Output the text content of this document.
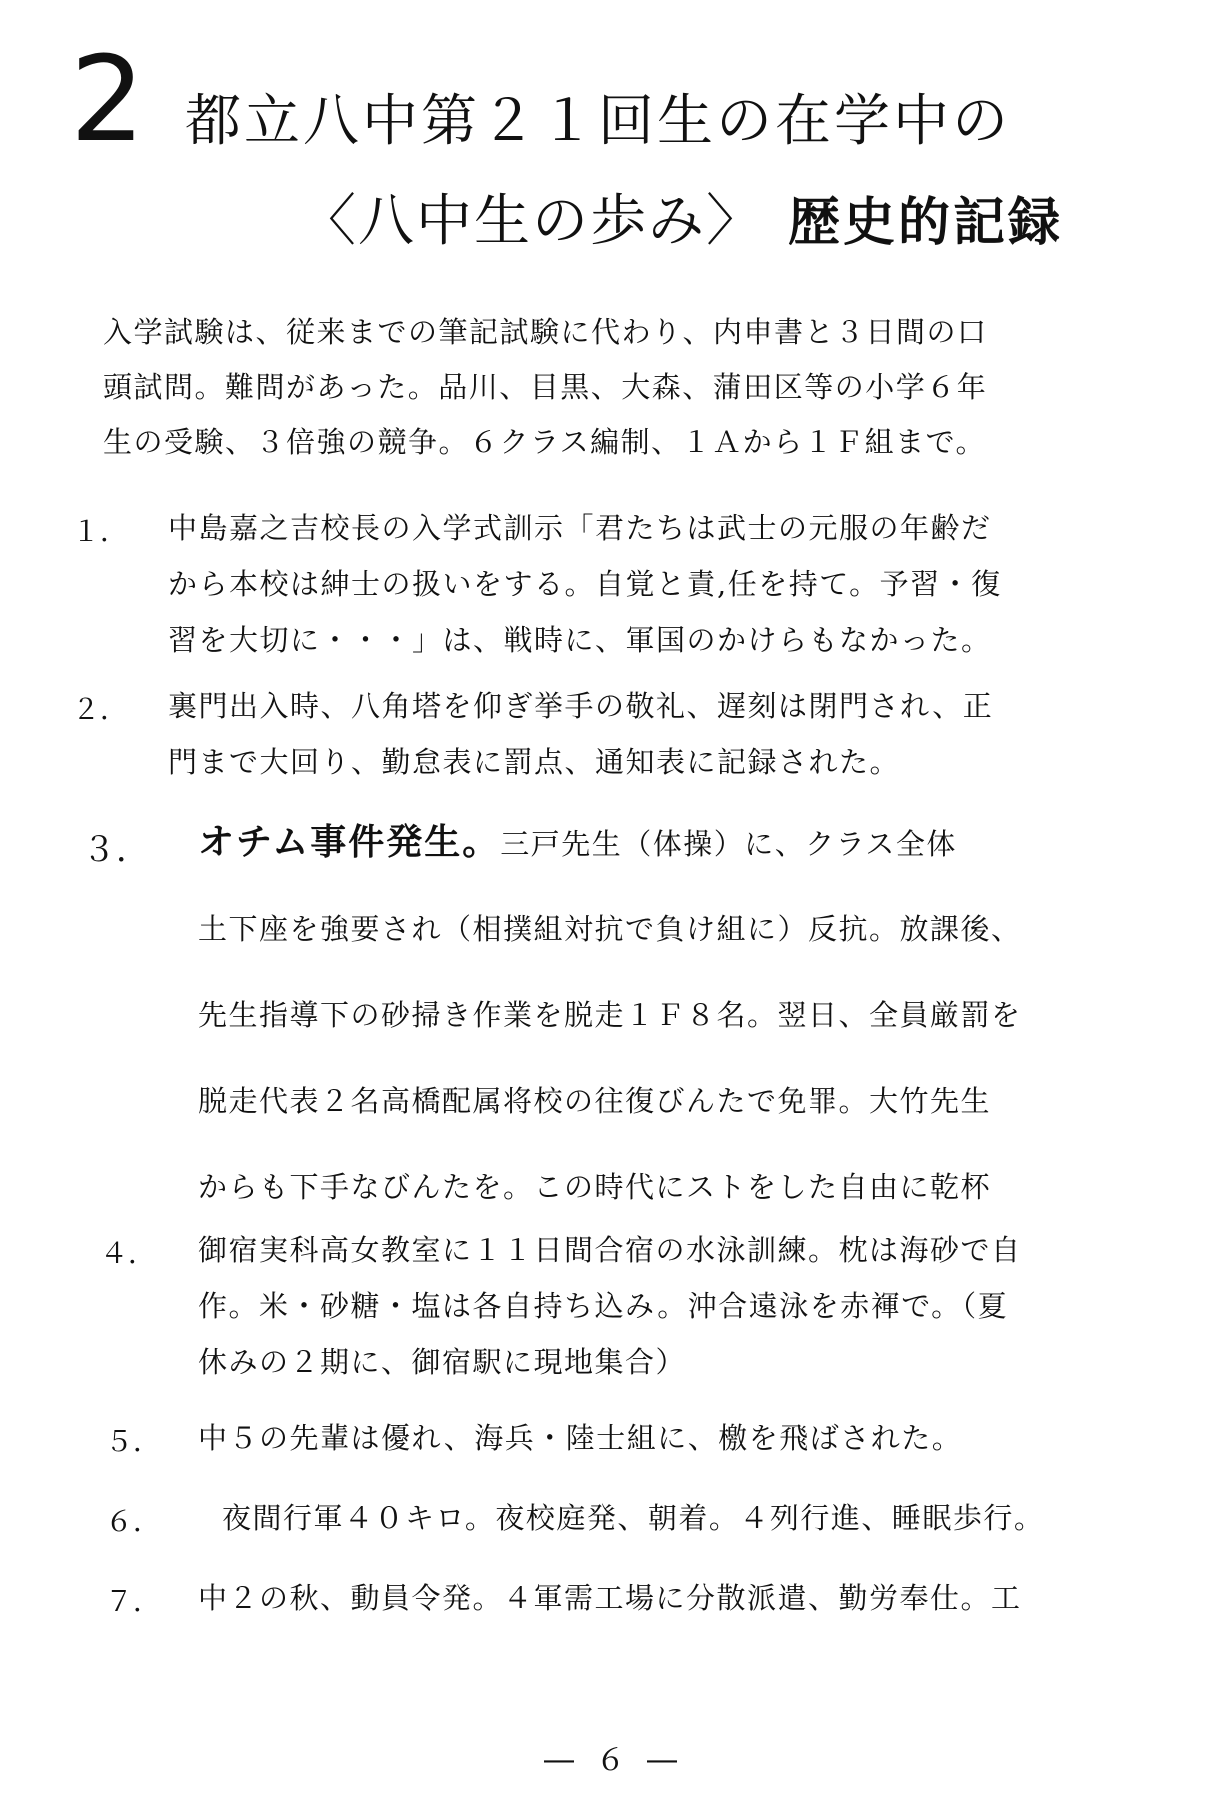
2 都立八中第２１回生の在学中の
〈八中生の歩み〉 歴史的記録
入学試験は、従来までの筆記試験に代わり、内申書と３日間の口
頭試問。難問があった。品川、目黒、大森、蒲田区等の小学６年
生の受験、３倍強の競争。６クラス編制、１Ａから１Ｆ組まで。
１． 中島嘉之吉校長の入学式訓示「君たちは武士の元服の年齢だ
から本校は紳士の扱いをする。自覚と責,任を持て。予習・復
習を大切に・・・」は、戦時に、軍国のかけらもなかった。
２． 裏門出入時、八角塔を仰ぎ挙手の敬礼、遅刻は閉門され、正
門まで大回り、勤怠表に罰点、通知表に記録された。
３． オチム事件発生。三戸先生（体操）に、クラス全体
土下座を強要され（相撲組対抗で負け組に）反抗。放課後、
先生指導下の砂掃き作業を脱走１Ｆ８名。翌日、全員厳罰を
脱走代表２名高橋配属将校の往復びんたで免罪。大竹先生
からも下手なびんたを。この時代にストをした自由に乾杯
４． 御宿実科高女教室に１１日間合宿の水泳訓練。枕は海砂で自
作。米・砂糖・塩は各自持ち込み。沖合遠泳を赤褌で。（夏
休みの２期に、御宿駅に現地集合）
５． 中５の先輩は優れ、海兵・陸士組に、檄を飛ばされた。
６． 夜間行軍４０キロ。夜校庭発、朝着。４列行進、睡眠歩行。
７． 中２の秋、動員令発。４軍需工場に分散派遣、勤労奉仕。工
― ６ ―
